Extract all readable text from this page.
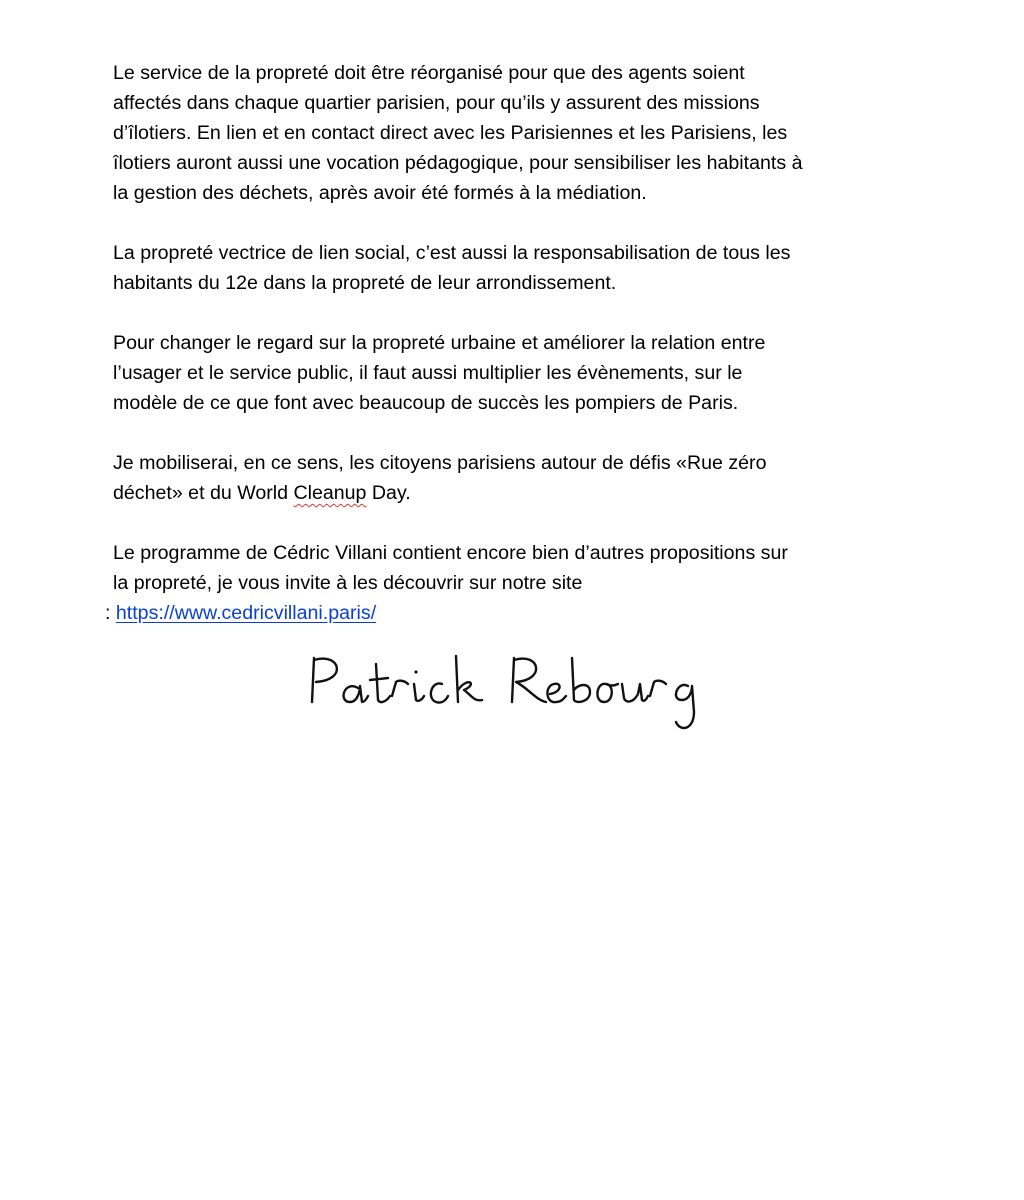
Le service de la propreté doit être réorganisé pour que des agents soient
affectés dans chaque quartier parisien, pour qu’ils y assurent des missions
d’îlotiers. En lien et en contact direct avec les Parisiennes et les Parisiens, les
îlotiers auront aussi une vocation pédagogique, pour sensibiliser les habitants à
la gestion des déchets, après avoir été formés à la médiation.

La propreté vectrice de lien social, c’est aussi la responsabilisation de tous les
habitants du 12e dans la propreté de leur arrondissement.

Pour changer le regard sur la propreté urbaine et améliorer la relation entre
l’usager et le service public, il faut aussi multiplier les évènements, sur le
modèle de ce que font avec beaucoup de succès les pompiers de Paris.

Je mobiliserai, en ce sens, les citoyens parisiens autour de défis «Rue zéro
déchet» et du World Cleanup Day.

Le programme de Cédric Villani contient encore bien d’autres propositions sur
la propreté, je vous invite à les découvrir sur notre site
: https://www.cedricvillani.paris/
